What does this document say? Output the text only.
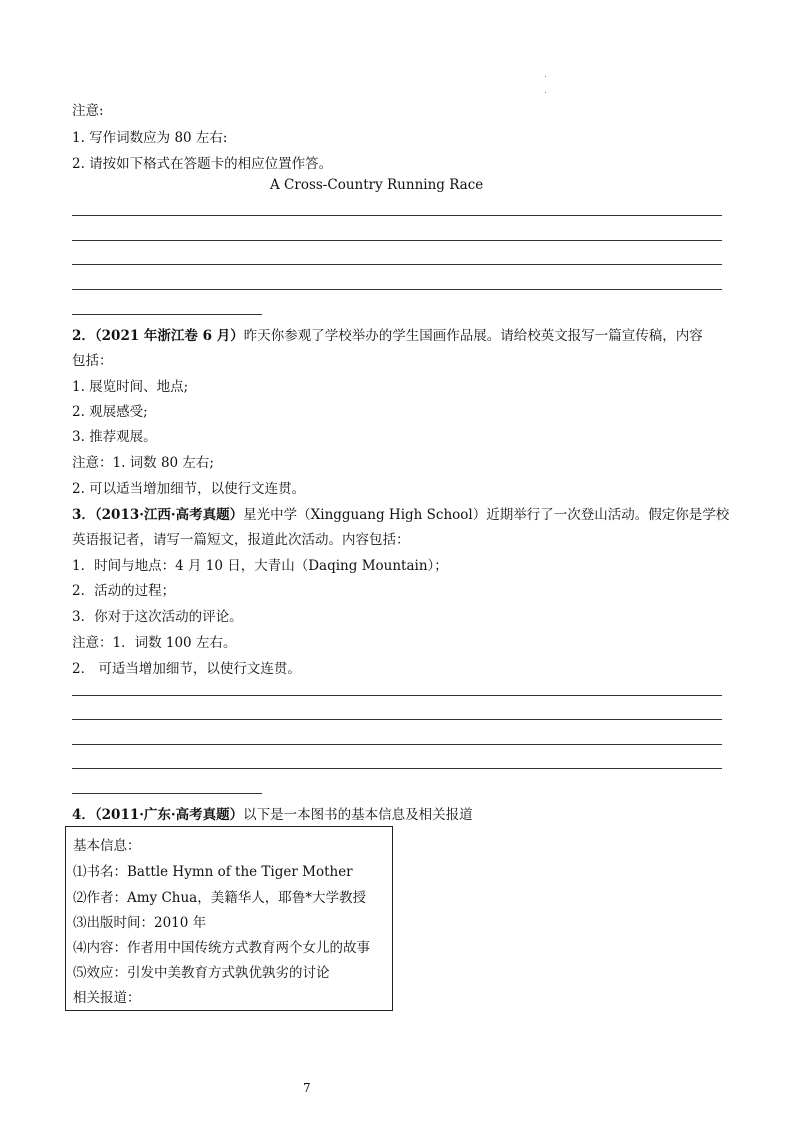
注意:
1. 写作词数应为 80 左右:
2. 请按如下格式在答题卡的相应位置作答。
A Cross-Country Running Race
2．（2021 年浙江卷 6 月）昨天你参观了学校举办的学生国画作品展。请给校英文报写一篇宣传稿，内容
包括：
1. 展览时间、地点;
2. 观展感受;
3. 推荐观展。
注意：1. 词数 80 左右;
2. 可以适当增加细节，以使行文连贯。
3．（2013·江西·高考真题）星光中学（Xingguang High School）近期举行了一次登山活动。假定你是学校
英语报记者，请写一篇短文，报道此次活动。内容包括：
1．时间与地点：4 月 10 日，大青山（Daqing Mountain）；
2．活动的过程；
3．你对于这次活动的评论。
注意：1．词数 100 左右。
2． 可适当增加细节，以使行文连贯。
4．（2011·广东·高考真题）以下是一本图书的基本信息及相关报道
基本信息：
⑴书名：Battle Hymn of the Tiger Mother
⑵作者：Amy Chua，美籍华人，耶鲁*大学教授
⑶出版时间：2010 年
⑷内容：作者用中国传统方式教育两个女儿的故事
⑸效应：引发中美教育方式孰优孰劣的讨论
相关报道：
7
